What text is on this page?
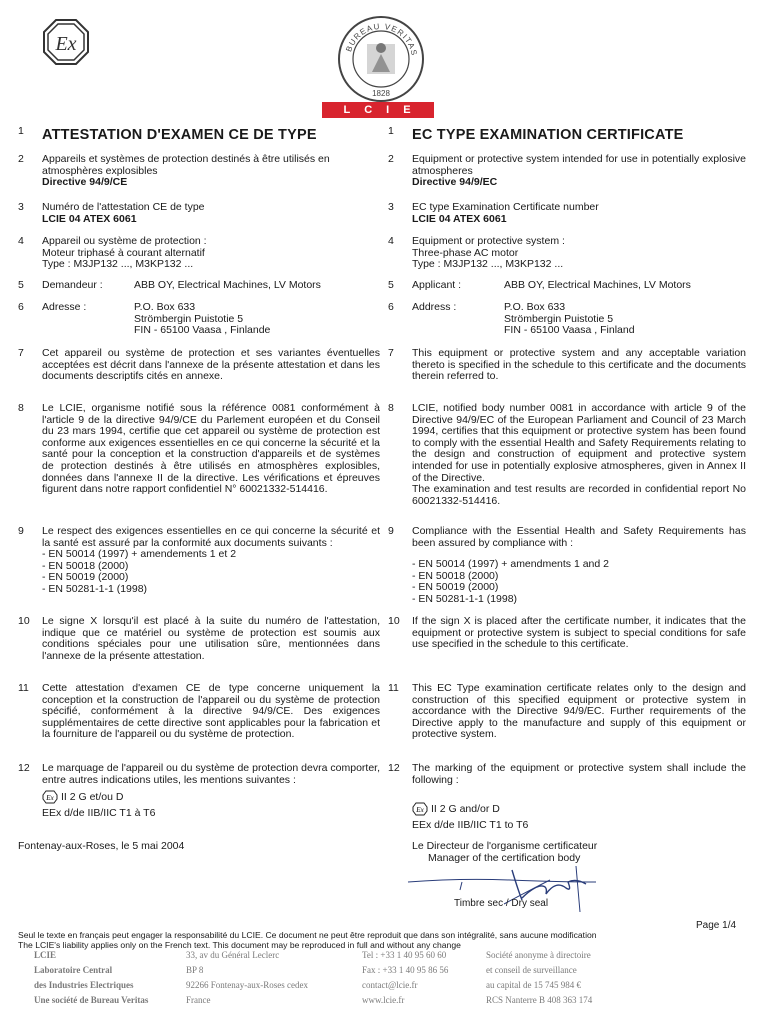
Ex	BUREAU VERITAS
1828
LCIE
1	ATTESTATION D'EXAMEN CE DE TYPE
2	Appareils et systèmes de protection destinés à être utilisés en atmosphères explosibles
Directive 94/9/CE
3	Numéro de l'attestation CE de type
LCIE 04 ATEX 6061
4	Appareil ou système de protection :
Moteur triphasé à courant alternatif
Type : M3JP132 ..., M3KP132 ...
5	Demandeur :	ABB OY, Electrical Machines, LV Motors
6	Adresse :	P.O. Box 633
Strömbergin Puistotie 5
FIN - 65100 Vaasa , Finlande
7	Cet appareil ou système de protection et ses variantes éventuelles acceptées est décrit dans l'annexe de la présente attestation et dans les documents descriptifs cités en annexe.
8	Le LCIE, organisme notifié sous la référence 0081 conformément à l'article 9 de la directive 94/9/CE du Parlement européen et du Conseil du 23 mars 1994, certifie que cet appareil ou système de protection est conforme aux exigences essentielles en ce qui concerne la sécurité et la santé pour la conception et la construction d'appareils et de systèmes de protection destinés à être utilisés en atmosphères explosibles, données dans l'annexe II de la directive. Les vérifications et épreuves figurent dans notre rapport confidentiel N° 60021332-514416.
9	Le respect des exigences essentielles en ce qui concerne la sécurité et la santé est assuré par la conformité aux documents suivants :
- EN 50014 (1997) + amendements 1 et 2
- EN 50018 (2000)
- EN 50019 (2000)
- EN 50281-1-1 (1998)
10	Le signe X lorsqu'il est placé à la suite du numéro de l'attestation, indique que ce matériel ou système de protection est soumis aux conditions spéciales pour une utilisation sûre, mentionnées dans l'annexe de la présente attestation.
11	Cette attestation d'examen CE de type concerne uniquement la conception et la construction de l'appareil ou du système de protection spécifié, conformément à la directive 94/9/CE. Des exigences supplémentaires de cette directive sont applicables pour la fabrication et la fourniture de l'appareil ou du système de protection.
12	Le marquage de l'appareil ou du système de protection devra comporter, entre autres indications utiles, les mentions suivantes :
Ex II 2 G et/ou D
EEx d/de IIB/IIC T1 à T6
1	EC TYPE EXAMINATION CERTIFICATE
2	Equipment or protective system intended for use in potentially explosive atmospheres
Directive 94/9/EC
3	EC type Examination Certificate number
LCIE 04 ATEX 6061
4	Equipment or protective system :
Three-phase AC motor
Type : M3JP132 ..., M3KP132 ...
5	Applicant :	ABB OY, Electrical Machines, LV Motors
6	Address :	P.O. Box 633
Strömbergin Puistotie 5
FIN - 65100 Vaasa , Finland
7	This equipment or protective system and any acceptable variation thereto is specified in the schedule to this certificate and the documents therein referred to.
8	LCIE, notified body number 0081 in accordance with article 9 of the Directive 94/9/EC of the European Parliament and Council of 23 March 1994, certifies that this equipment or protective system has been found to comply with the essential Health and Safety Requirements relating to the design and construction of equipment and protective system intended for use in potentially explosive atmospheres, given in Annex II of the Directive.
The examination and test results are recorded in confidential report No 60021332-514416.
9	Compliance with the Essential Health and Safety Requirements has been assured by compliance with :
- EN 50014 (1997) + amendments 1 and 2
- EN 50018 (2000)
- EN 50019 (2000)
- EN 50281-1-1 (1998)
10	If the sign X is placed after the certificate number, it indicates that the equipment or protective system is subject to special conditions for safe use specified in the schedule to this certificate.
11	This EC Type examination certificate relates only to the design and construction of this specified equipment or protective system in accordance with the Directive 94/9/EC. Further requirements of the Directive apply to the manufacture and supply of this equipment or protective system.
12	The marking of the equipment or protective system shall include the following :
Ex II 2 G and/or D
EEx d/de IIB/IIC T1 to T6
Fontenay-aux-Roses, le 5 mai 2004	Le Directeur de l'organisme certificateur
Manager of the certification body
Timbre sec / Dry seal
Page 1/4
Seul le texte en français peut engager la responsabilité du LCIE. Ce document ne peut être reproduit que dans son intégralité, sans aucune modification
The LCIE's liability applies only on the French text. This document may be reproduced in full and without any change
LCIE
Laboratoire Central
des Industries Electriques
Une société de Bureau Veritas
33, av du Général Leclerc
BP 8
92266 Fontenay-aux-Roses cedex
France
Tel : +33 1 40 95 60 60
Fax : +33 1 40 95 86 56
contact@lcie.fr
www.lcie.fr
Société anonyme à directoire
et conseil de surveillance
au capital de 15 745 984 €
RCS Nanterre B 408 363 174
